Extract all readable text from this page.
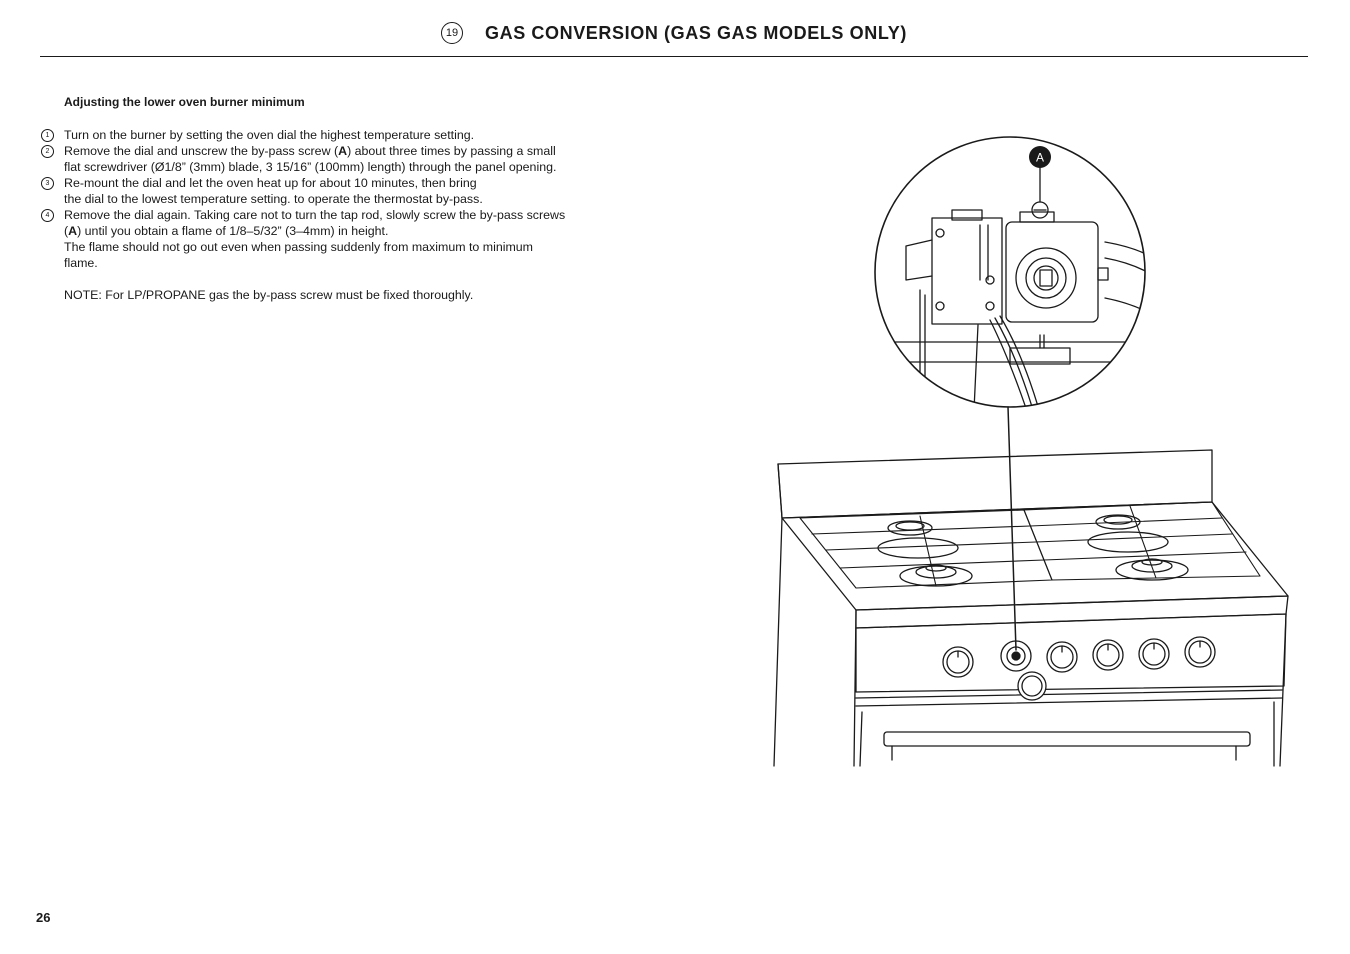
19 GAS CONVERSION (GAS GAS MODELS ONLY)
Adjusting the lower oven burner minimum
1	Turn on the burner by setting the oven dial the highest temperature setting.
2	Remove the dial and unscrew the by-pass screw (A) about three times by passing a small
flat screwdriver (Ø1/8” (3mm) blade, 3 15/16” (100mm) length) through the panel opening.
3	Re-mount the dial and let the oven heat up for about 10 minutes, then bring
the dial to the lowest temperature setting. to operate the thermostat by-pass.
4	Remove the dial again. Taking care not to turn the tap rod, slowly screw the by-pass screws
(A) until you obtain a flame of 1/8–5/32” (3–4mm) in height.
The flame should not go out even when passing suddenly from maximum to minimum
flame.
NOTE: For LP/PROPANE gas the by-pass screw must be fixed thoroughly.
A
26
